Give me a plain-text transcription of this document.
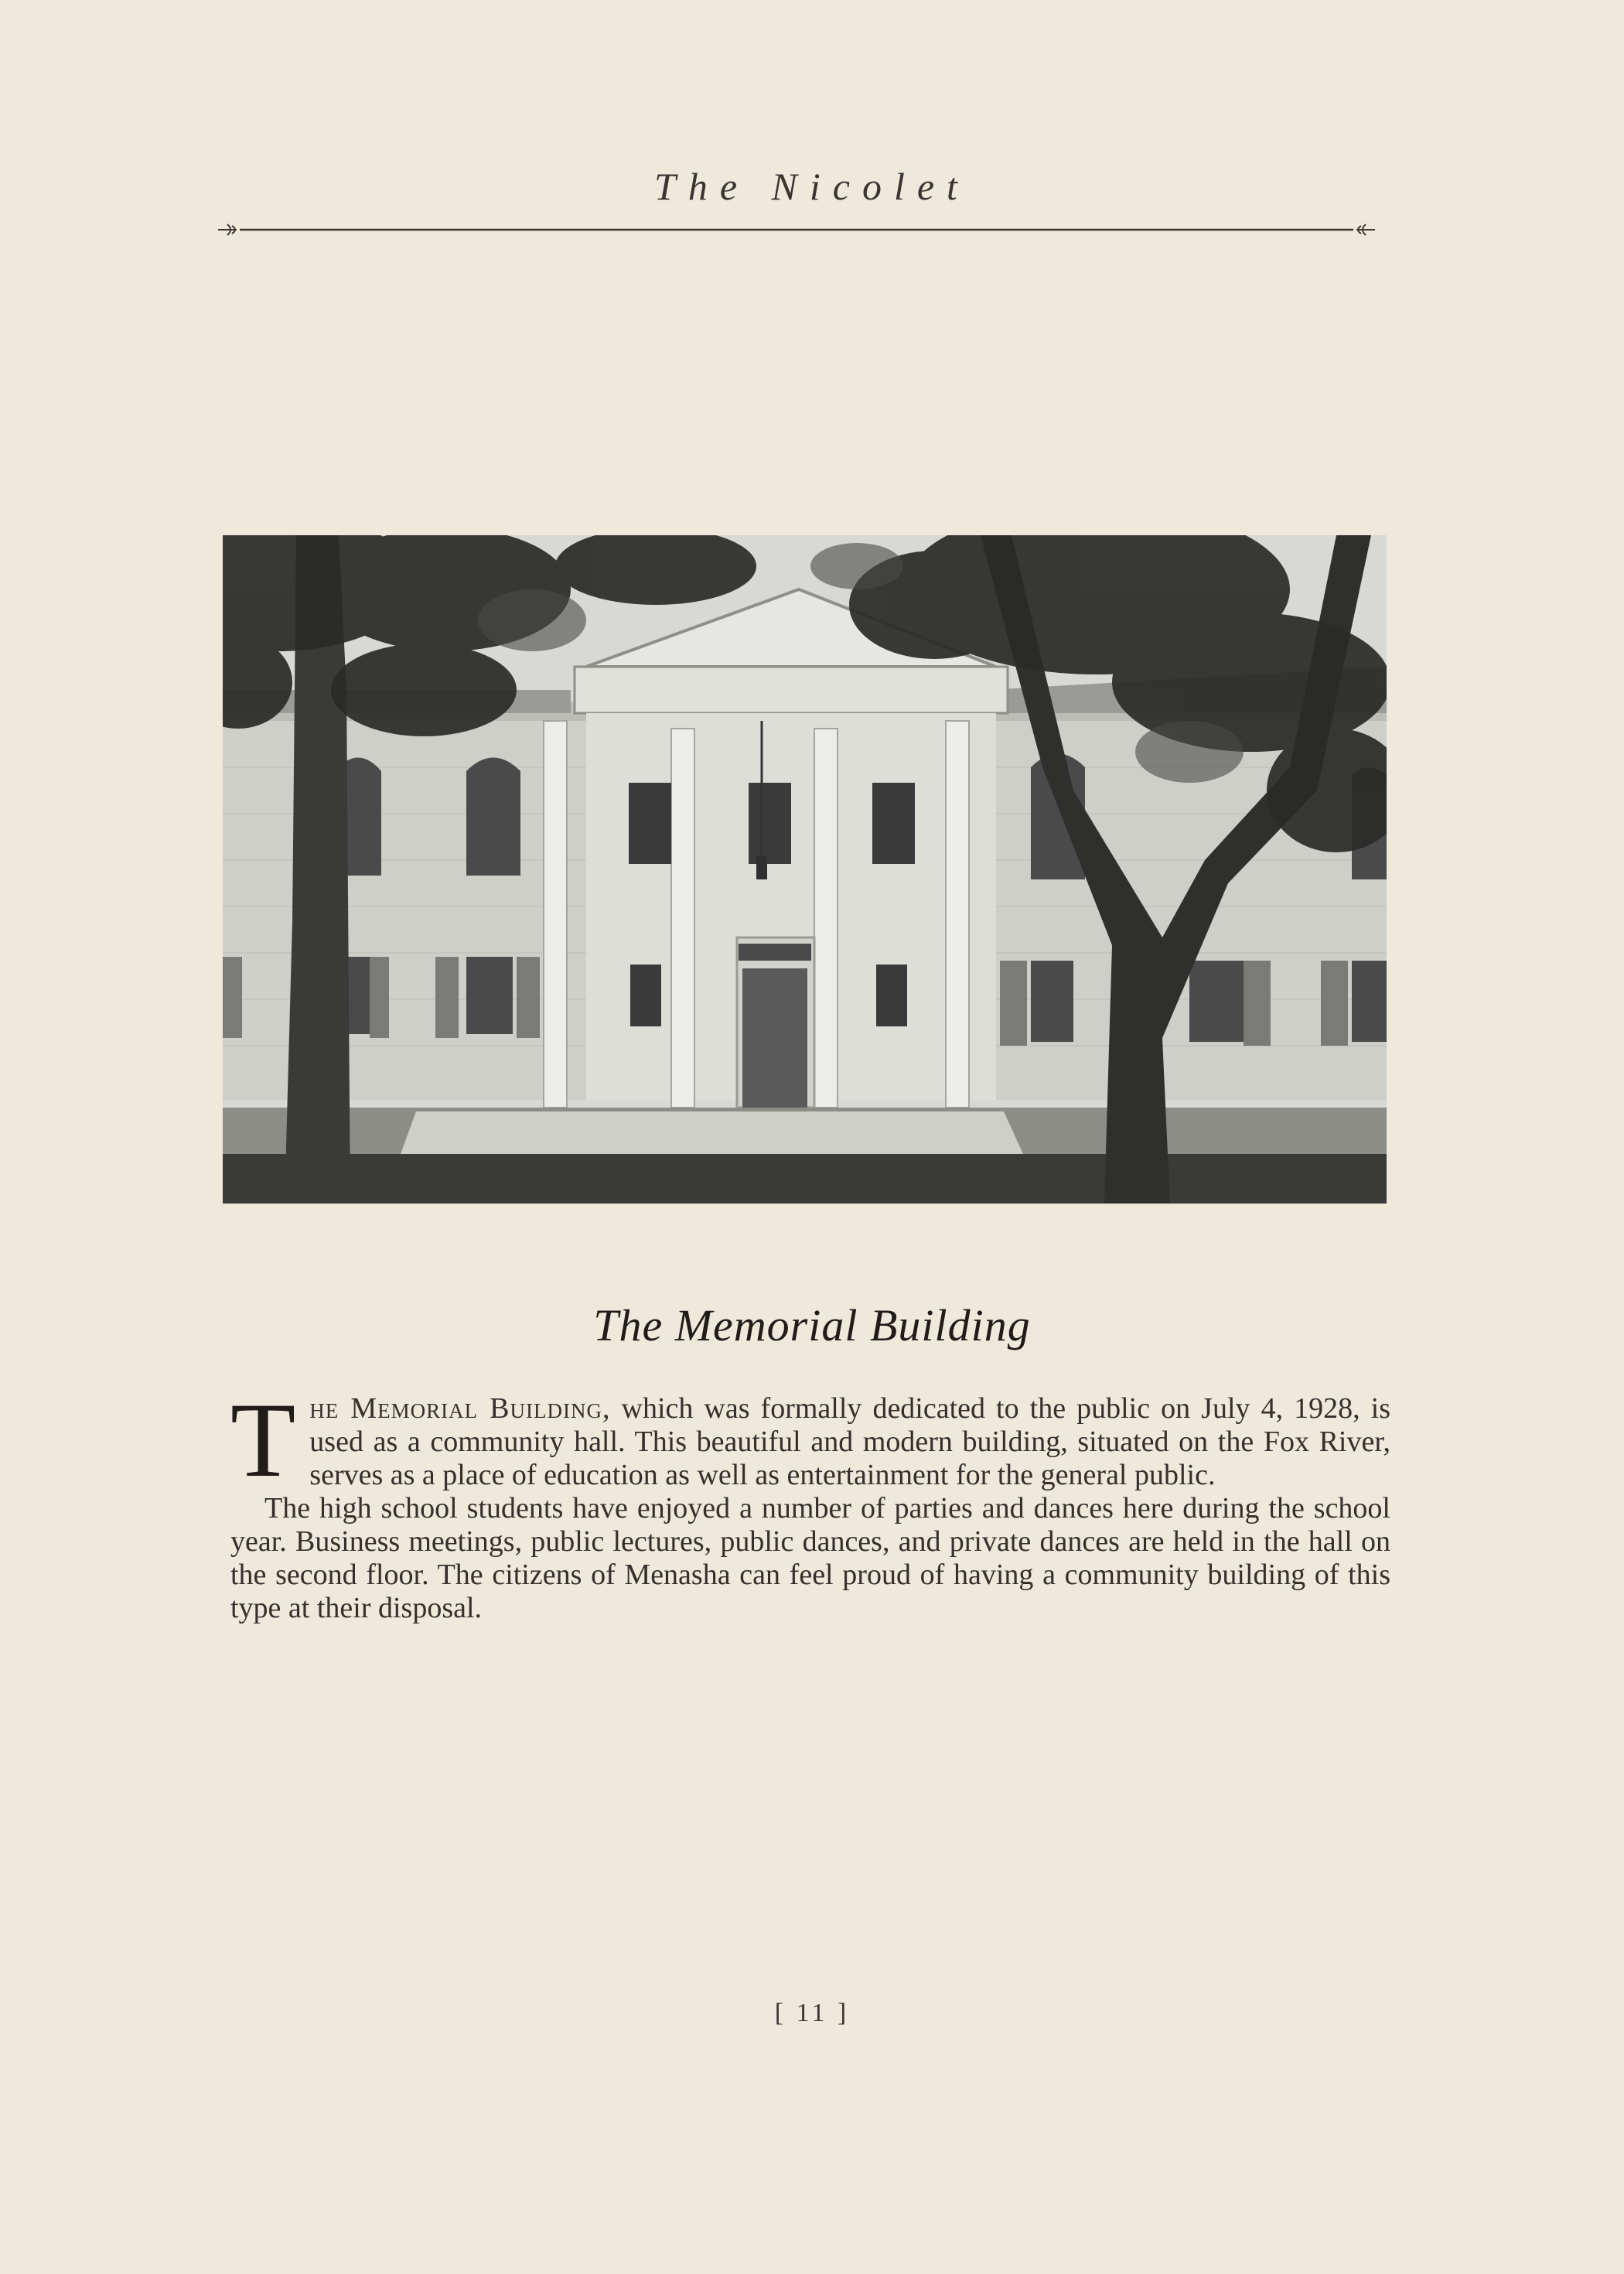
The Nicolet
The Memorial Building

The Memorial Building, which was formally dedicated to the public on July 4, 1928, is used as a community hall. This beautiful and modern building, situated on the Fox River, serves as a place of education as well as entertainment for the general public.

The high school students have enjoyed a number of parties and dances here during the school year. Business meetings, public lectures, public dances, and private dances are held in the hall on the second floor. The citizens of Menasha can feel proud of having a community building of this type at their disposal.

[ 11 ]
